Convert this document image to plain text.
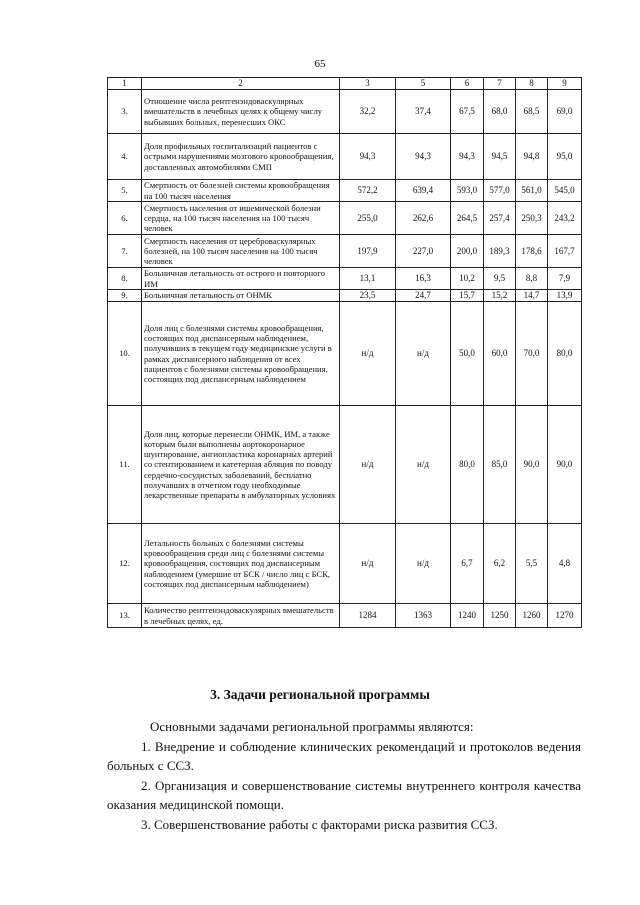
65
1	2	3	5	6	7	8	9
3.	Отношение числа рентгенэндоваскулярных вмешательств в лечебных целях к общему числу выбывших больных, перенесших ОКС	32,2	37,4	67,5	68,0	68,5	69,0
4.	Доля профильных госпитализаций пациентов с острыми нарушениями мозгового кровообращения, доставленных автомобилями СМП	94,3	94,3	94,3	94,5	94,8	95,0
5.	Смертность от болезней системы кровообращения на 100 тысяч населения	572,2	639,4	593,0	577,0	561,0	545,0
6.	Смертность населения от ишемической болезни сердца, на 100 тысяч населения на 100 тысяч человек	255,0	262,6	264,5	257,4	250,3	243,2
7.	Смертность населения от цереброваскулярных болезней, на 100 тысяч населения на 100 тысяч человек	197,9	227,0	200,0	189,3	178,6	167,7
8.	Больничная летальность от острого и повторного ИМ	13,1	16,3	10,2	9,5	8,8	7,9
9.	Больничная летальность от ОНМК	23,5	24,7	15,7	15,2	14,7	13,9
10.	Доля лиц с болезнями системы кровообращения, состоящих под диспансерным наблюдением, получивших в текущем году медицинские услуги в рамках диспансерного наблюдения от всех пациентов с болезнями системы кровообращения, состоящих под диспансерным наблюдением	н/д	н/д	50,0	60,0	70,0	80,0
11.	Доля лиц, которые перенесли ОНМК, ИМ, а также которым были выполнены аортокоронарное шунтирование, ангиопластика коронарных артерий со стентированием и катетерная абляция по поводу сердечно-сосудистых заболеваний, бесплатно получавших в отчетном году необходимые лекарственные препараты в амбулаторных условиях	н/д	н/д	80,0	85,0	90,0	90,0
12.	Летальность больных с болезнями системы кровообращения среди лиц с болезнями системы кровообращения, состоящих под диспансерным наблюдением (умершие от БСК / число лиц с БСК, состоящих под диспансерным наблюдением)	н/д	н/д	6,7	6,2	5,5	4,8
13.	Количество рентгенэндоваскулярных вмешательств в лечебных целях, ед.	1284	1363	1240	1250	1260	1270
3. Задачи региональной программы

Основными задачами региональной программы являются:

1. Внедрение и соблюдение клинических рекомендаций и протоколов ведения больных с ССЗ.

2. Организация и совершенствование системы внутреннего контроля качества оказания медицинской помощи.

3. Совершенствование работы с факторами риска развития ССЗ.
